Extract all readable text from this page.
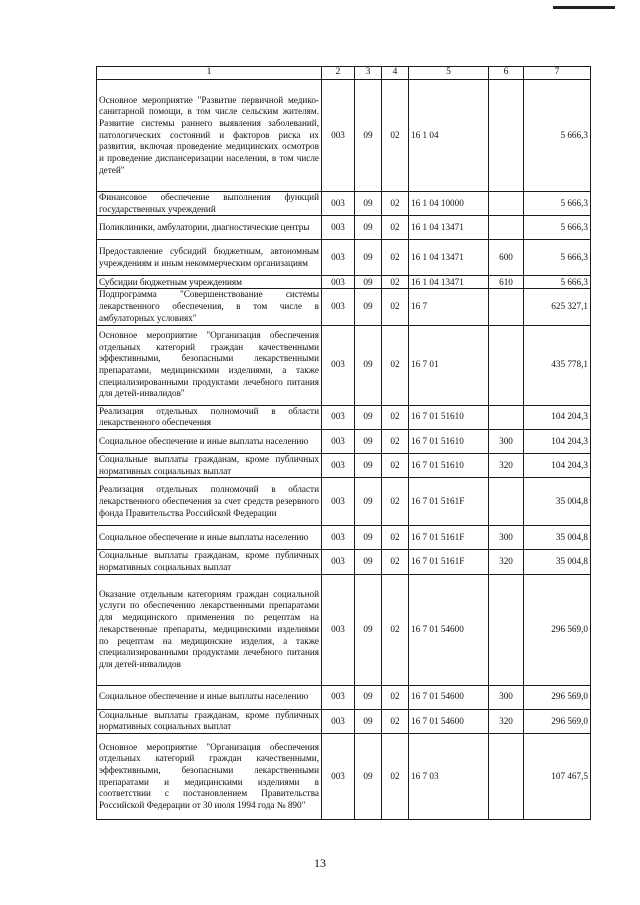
1	2	3	4	5	6	7
Основное мероприятие "Развитие первичной медико-санитарной помощи, в том числе сельским жителям. Развитие системы раннего выявления заболеваний, патологических состояний и факторов риска их развития, включая проведение медицинских осмотров и проведение диспансеризации населения, в том числе детей"	003	09	02	16 1 04		5 666,3
Финансовое обеспечение выполнения функций государственных учреждений	003	09	02	16 1 04 10000		5 666,3
Поликлиники, амбулатории, диагностические центры	003	09	02	16 1 04 13471		5 666,3
Предоставление субсидий бюджетным, автономным учреждениям и иным некоммерческим организациям	003	09	02	16 1 04 13471	600	5 666,3
Субсидии бюджетным учреждениям	003	09	02	16 1 04 13471	610	5 666,3
Подпрограмма "Совершенствование системы лекарственного обеспечения, в том числе в амбулаторных условиях"	003	09	02	16 7		625 327,1
Основное мероприятие "Организация обеспечения отдельных категорий граждан качественными эффективными, безопасными лекарственными препаратами, медицинскими изделиями, а также специализированными продуктами лечебного питания для детей-инвалидов"	003	09	02	16 7 01		435 778,1
Реализация отдельных полномочий в области лекарственного обеспечения	003	09	02	16 7 01 51610		104 204,3
Социальное обеспечение и иные выплаты населению	003	09	02	16 7 01 51610	300	104 204,3
Социальные выплаты гражданам, кроме публичных нормативных социальных выплат	003	09	02	16 7 01 51610	320	104 204,3
Реализация отдельных полномочий в области лекарственного обеспечения за счет средств резервного фонда Правительства Российской Федерации	003	09	02	16 7 01 5161F		35 004,8
Социальное обеспечение и иные выплаты населению	003	09	02	16 7 01 5161F	300	35 004,8
Социальные выплаты гражданам, кроме публичных нормативных социальных выплат	003	09	02	16 7 01 5161F	320	35 004,8
Оказание отдельным категориям граждан социальной услуги по обеспечению лекарственными препаратами для медицинского применения по рецептам на лекарственные препараты, медицинскими изделиями по рецептам на медицинские изделия, а также специализированными продуктами лечебного питания для детей-инвалидов	003	09	02	16 7 01 54600		296 569,0
Социальное обеспечение и иные выплаты населению	003	09	02	16 7 01 54600	300	296 569,0
Социальные выплаты гражданам, кроме публичных нормативных социальных выплат	003	09	02	16 7 01 54600	320	296 569,0
Основное мероприятие "Организация обеспечения отдельных категорий граждан качественными, эффективными, безопасными лекарственными препаратами и медицинскими изделиями в соответствии с постановлением Правительства Российской Федерации от 30 июля 1994 года № 890"	003	09	02	16 7 03		107 467,5
13
